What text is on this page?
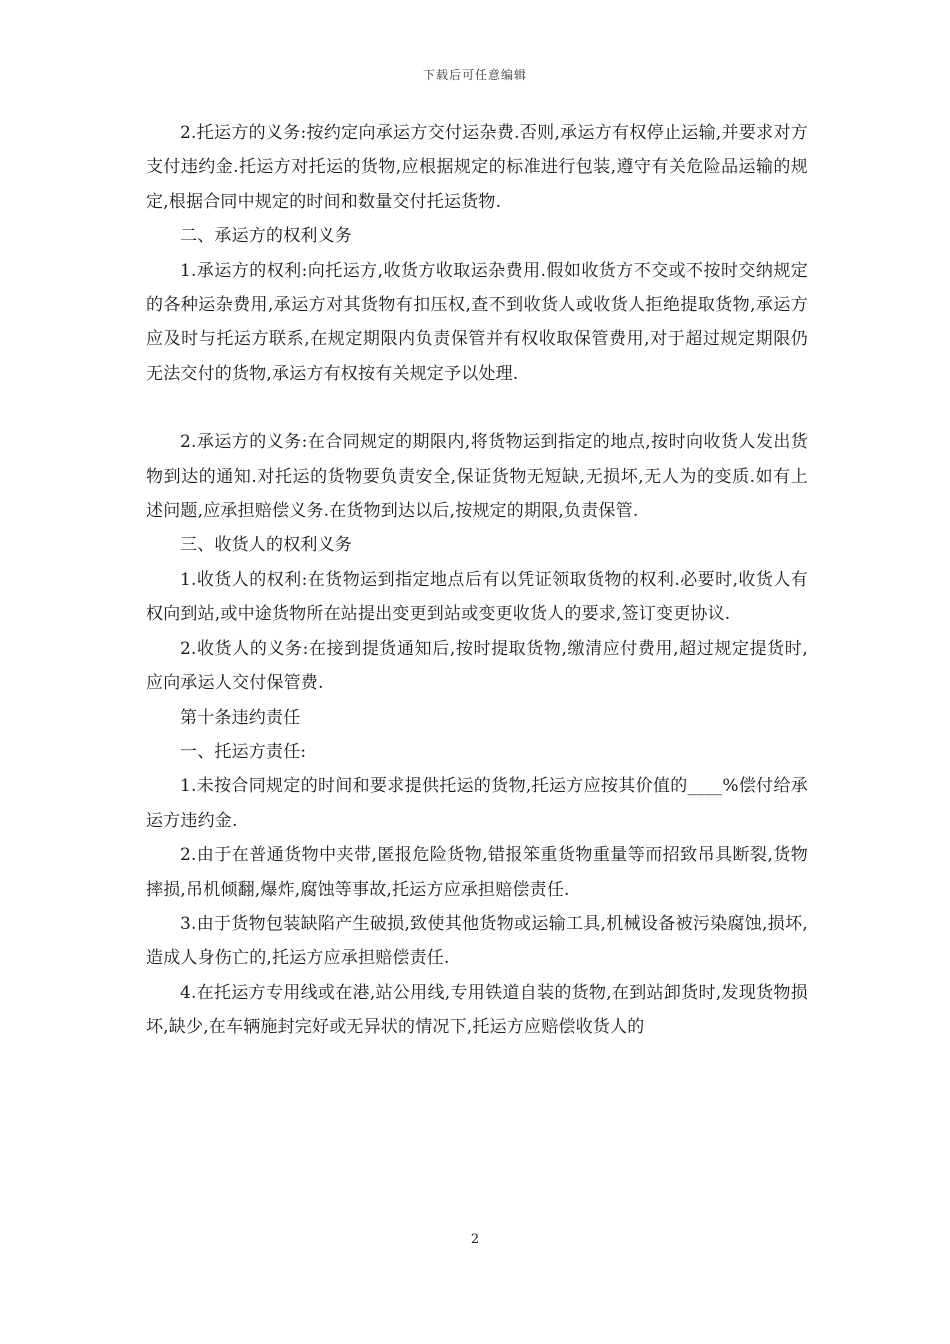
下载后可任意编辑

2.托运方的义务:按约定向承运方交付运杂费.否则,承运方有权停止运输,并要求对方支付违约金.托运方对托运的货物,应根据规定的标准进行包装,遵守有关危险品运输的规定,根据合同中规定的时间和数量交付托运货物.

二、承运方的权利义务

1.承运方的权利:向托运方,收货方收取运杂费用.假如收货方不交或不按时交纳规定的各种运杂费用,承运方对其货物有扣压权,查不到收货人或收货人拒绝提取货物,承运方应及时与托运方联系,在规定期限内负责保管并有权收取保管费用,对于超过规定期限仍无法交付的货物,承运方有权按有关规定予以处理.

2.承运方的义务:在合同规定的期限内,将货物运到指定的地点,按时向收货人发出货物到达的通知.对托运的货物要负责安全,保证货物无短缺,无损坏,无人为的变质.如有上述问题,应承担赔偿义务.在货物到达以后,按规定的期限,负责保管.

三、收货人的权利义务

1.收货人的权利:在货物运到指定地点后有以凭证领取货物的权利.必要时,收货人有权向到站,或中途货物所在站提出变更到站或变更收货人的要求,签订变更协议.

2.收货人的义务:在接到提货通知后,按时提取货物,缴清应付费用,超过规定提货时,应向承运人交付保管费.

第十条违约责任

一、托运方责任:

1.未按合同规定的时间和要求提供托运的货物,托运方应按其价值的____%偿付给承运方违约金.

2.由于在普通货物中夹带,匿报危险货物,错报笨重货物重量等而招致吊具断裂,货物摔损,吊机倾翻,爆炸,腐蚀等事故,托运方应承担赔偿责任.

3.由于货物包装缺陷产生破损,致使其他货物或运输工具,机械设备被污染腐蚀,损坏,造成人身伤亡的,托运方应承担赔偿责任.

4.在托运方专用线或在港,站公用线,专用铁道自装的货物,在到站卸货时,发现货物损坏,缺少,在车辆施封完好或无异状的情况下,托运方应赔偿收货人的

2
